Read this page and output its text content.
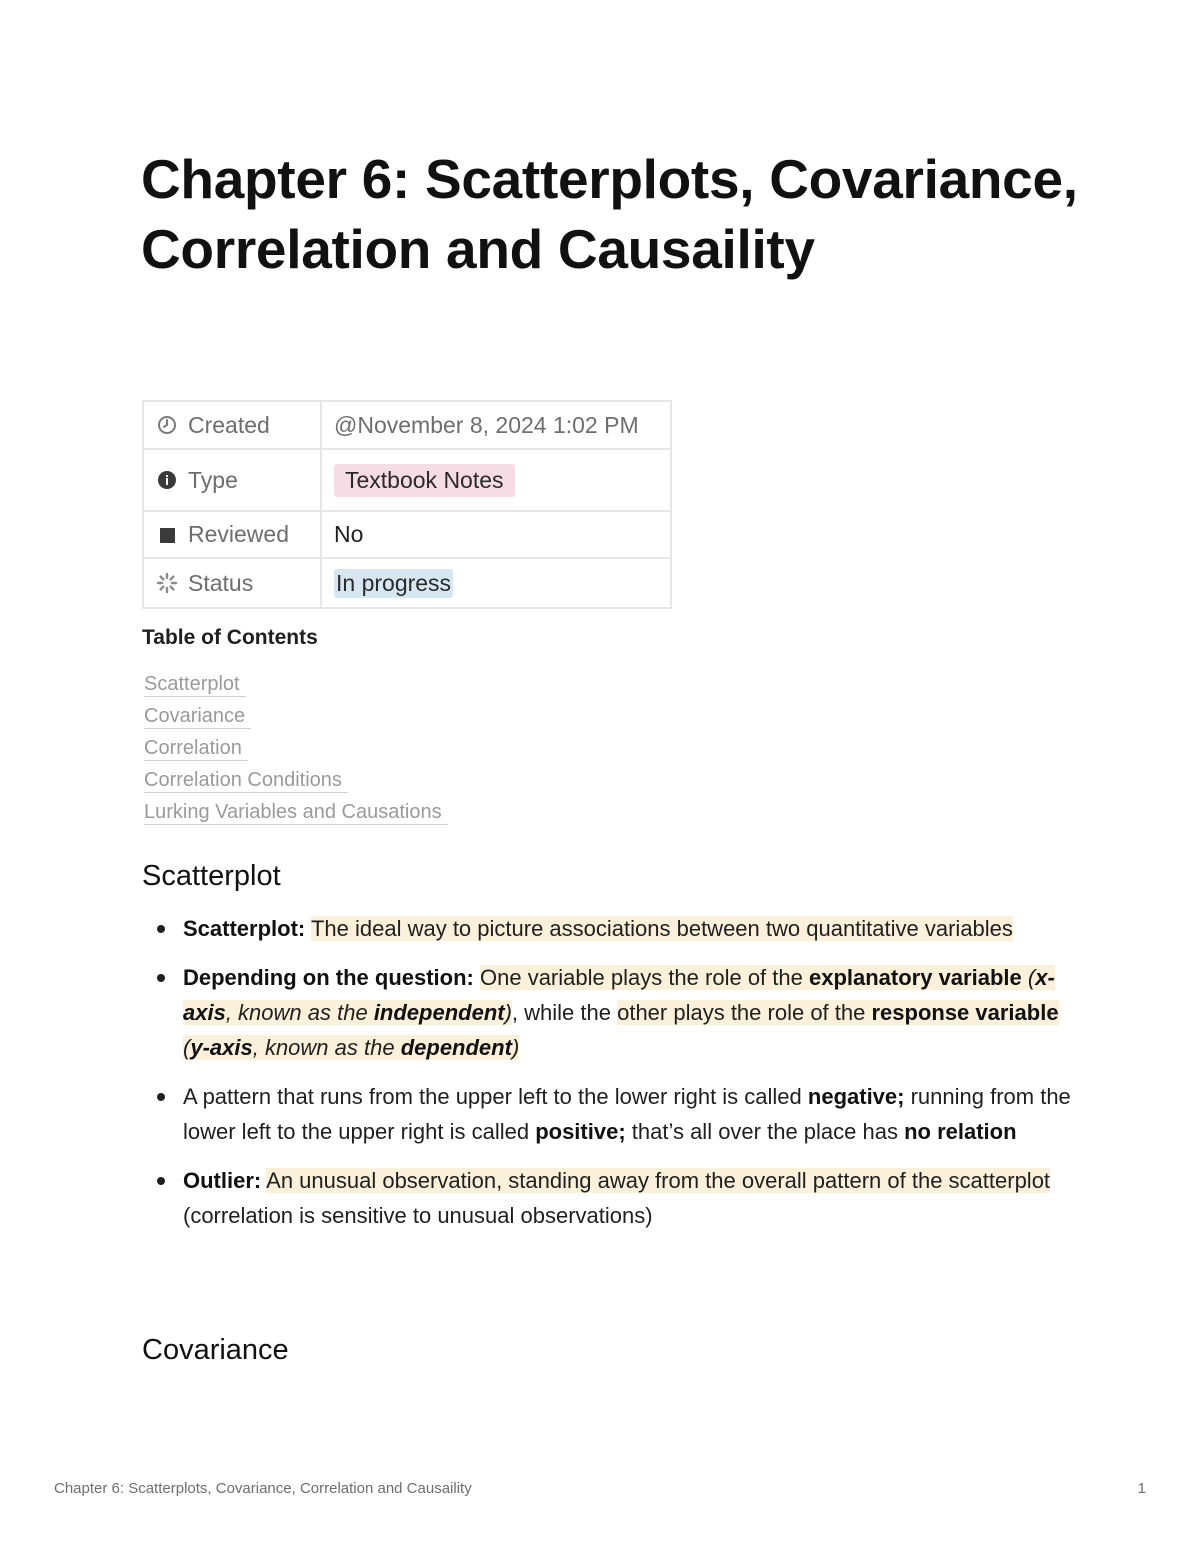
Chapter 6: Scatterplots, Covariance, Correlation and Causaility
Created	@November 8, 2024 1:02 PM

Type	Textbook Notes

Reviewed	No

Status	In progress
Table of Contents
Scatterplot
Covariance
Correlation
Correlation Conditions
Lurking Variables and Causations
Scatterplot
Scatterplot: The ideal way to picture associations between two quantitative variables
Depending on the question: One variable plays the role of the explanatory variable (x-axis, known as the independent), while the other plays the role of the response variable (y-axis, known as the dependent)
A pattern that runs from the upper left to the lower right is called negative; running from the lower left to the upper right is called positive; that’s all over the place has no relation
Outlier: An unusual observation, standing away from the overall pattern of the scatterplot (correlation is sensitive to unusual observations)
Covariance
Chapter 6: Scatterplots, Covariance, Correlation and Causaility	1
